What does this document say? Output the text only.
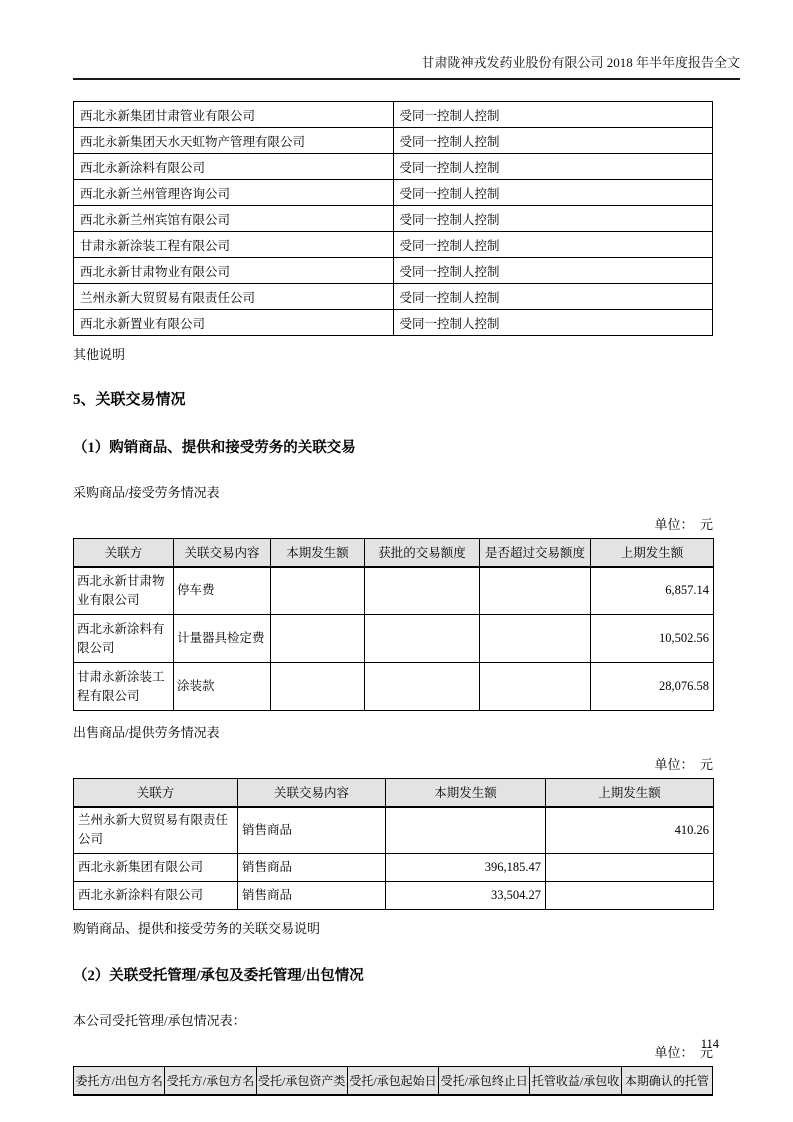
甘肃陇神戎发药业股份有限公司 2018 年半年度报告全文
西北永新集团甘肃管业有限公司	受同一控制人控制
西北永新集团天水天虹物产管理有限公司	受同一控制人控制
西北永新涂料有限公司	受同一控制人控制
西北永新兰州管理咨询公司	受同一控制人控制
西北永新兰州宾馆有限公司	受同一控制人控制
甘肃永新涂装工程有限公司	受同一控制人控制
西北永新甘肃物业有限公司	受同一控制人控制
兰州永新大贸贸易有限责任公司	受同一控制人控制
西北永新置业有限公司	受同一控制人控制
其他说明
5、关联交易情况
（1）购销商品、提供和接受劳务的关联交易
采购商品/接受劳务情况表
单位：　元
关联方	关联交易内容	本期发生额	获批的交易额度	是否超过交易额度	上期发生额
西北永新甘肃物业有限公司	停车费				6,857.14
西北永新涂料有限公司	计量器具检定费				10,502.56
甘肃永新涂装工程有限公司	涂装款				28,076.58
出售商品/提供劳务情况表
单位：　元
关联方	关联交易内容	本期发生额	上期发生额
兰州永新大贸贸易有限责任公司	销售商品		410.26
西北永新集团有限公司	销售商品	396,185.47	
西北永新涂料有限公司	销售商品	33,504.27	
购销商品、提供和接受劳务的关联交易说明
（2）关联受托管理/承包及委托管理/出包情况
本公司受托管理/承包情况表：
单位：　元
委托方/出包方名	受托方/承包方名	受托/承包资产类	受托/承包起始日	受托/承包终止日	托管收益/承包收	本期确认的托管
114
